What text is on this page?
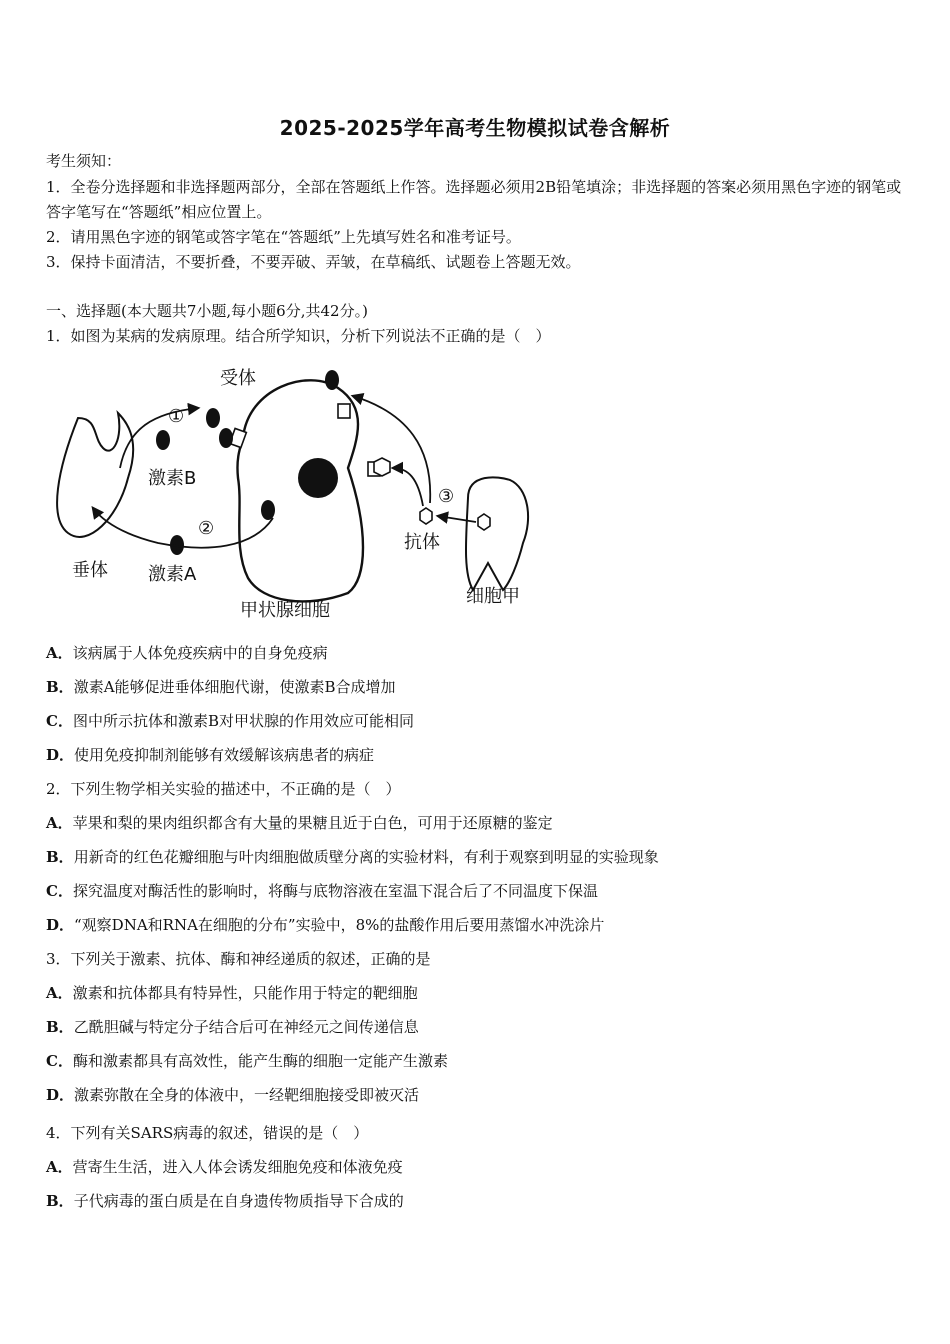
2025-2025学年高考生物模拟试卷含解析
考生须知：
1．全卷分选择题和非选择题两部分，全部在答题纸上作答。选择题必须用2B铅笔填涂；非选择题的答案必须用黑色字迹的钢笔或答字笔写在“答题纸”相应位置上。
2．请用黑色字迹的钢笔或答字笔在“答题纸”上先填写姓名和准考证号。
3．保持卡面清洁，不要折叠，不要弄破、弄皱，在草稿纸、试题卷上答题无效。
一、选择题(本大题共7小题,每小题6分,共42分。)
1．如图为某病的发病原理。结合所学知识，分析下列说法不正确的是（　）
受体
①
②
③
激素B
激素A
垂体
甲状腺细胞
抗体
细胞甲
A．该病属于人体免疫疾病中的自身免疫病
B．激素A能够促进垂体细胞代谢，使激素B合成增加
C．图中所示抗体和激素B对甲状腺的作用效应可能相同
D．使用免疫抑制剂能够有效缓解该病患者的病症
2．下列生物学相关实验的描述中，不正确的是（　）
A．苹果和梨的果肉组织都含有大量的果糖且近于白色，可用于还原糖的鉴定
B．用新奇的红色花瓣细胞与叶肉细胞做质壁分离的实验材料，有利于观察到明显的实验现象
C．探究温度对酶活性的影响时，将酶与底物溶液在室温下混合后了不同温度下保温
D．“观察DNA和RNA在细胞的分布”实验中，8%的盐酸作用后要用蒸馏水冲洗涂片
3．下列关于激素、抗体、酶和神经递质的叙述，正确的是
A．激素和抗体都具有特异性，只能作用于特定的靶细胞
B．乙酰胆碱与特定分子结合后可在神经元之间传递信息
C．酶和激素都具有高效性，能产生酶的细胞一定能产生激素
D．激素弥散在全身的体液中，一经靶细胞接受即被灭活
4．下列有关SARS病毒的叙述，错误的是（　）
A．营寄生生活，进入人体会诱发细胞免疫和体液免疫
B．子代病毒的蛋白质是在自身遗传物质指导下合成的
